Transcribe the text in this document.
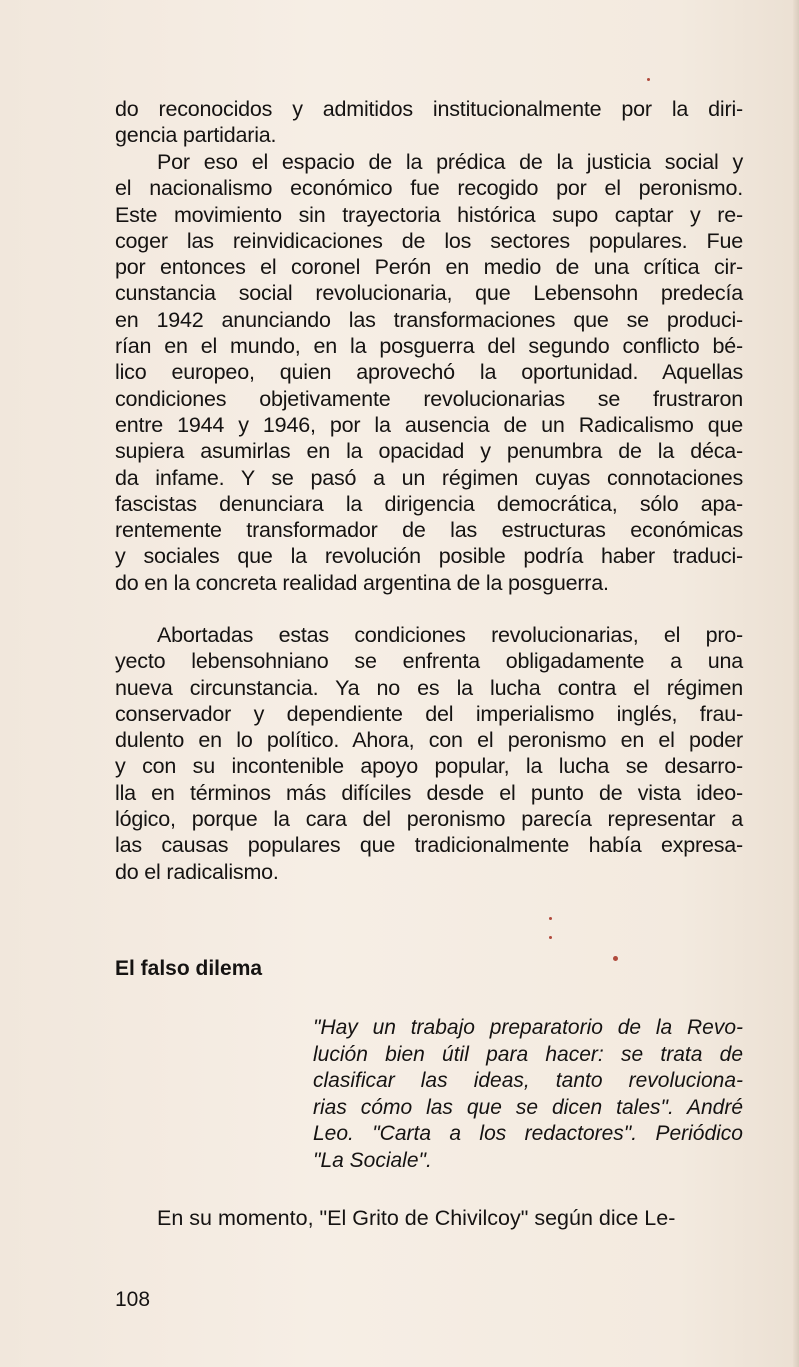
do reconocidos y admitidos institucionalmente por la diri-
gencia partidaria.
Por eso el espacio de la prédica de la justicia social y
el nacionalismo económico fue recogido por el peronismo.
Este movimiento sin trayectoria histórica supo captar y re-
coger las reinvidicaciones de los sectores populares. Fue
por entonces el coronel Perón en medio de una crítica cir-
cunstancia social revolucionaria, que Lebensohn predecía
en 1942 anunciando las transformaciones que se produci-
rían en el mundo, en la posguerra del segundo conflicto bé-
lico europeo, quien aprovechó la oportunidad. Aquellas
condiciones objetivamente revolucionarias se frustraron
entre 1944 y 1946, por la ausencia de un Radicalismo que
supiera asumirlas en la opacidad y penumbra de la déca-
da infame. Y se pasó a un régimen cuyas connotaciones
fascistas denunciara la dirigencia democrática, sólo apa-
rentemente transformador de las estructuras económicas
y sociales que la revolución posible podría haber traduci-
do en la concreta realidad argentina de la posguerra.
Abortadas estas condiciones revolucionarias, el pro-
yecto lebensohniano se enfrenta obligadamente a una
nueva circunstancia. Ya no es la lucha contra el régimen
conservador y dependiente del imperialismo inglés, frau-
dulento en lo político. Ahora, con el peronismo en el poder
y con su incontenible apoyo popular, la lucha se desarro-
lla en términos más difíciles desde el punto de vista ideo-
lógico, porque la cara del peronismo parecía representar a
las causas populares que tradicionalmente había expresa-
do el radicalismo.
El falso dilema
"Hay un trabajo preparatorio de la Revo-
lución bien útil para hacer: se trata de
clasificar las ideas, tanto revoluciona-
rias cómo las que se dicen tales". André
Leo. "Carta a los redactores". Periódico
"La Sociale".
En su momento, "El Grito de Chivilcoy" según dice Le-
108
